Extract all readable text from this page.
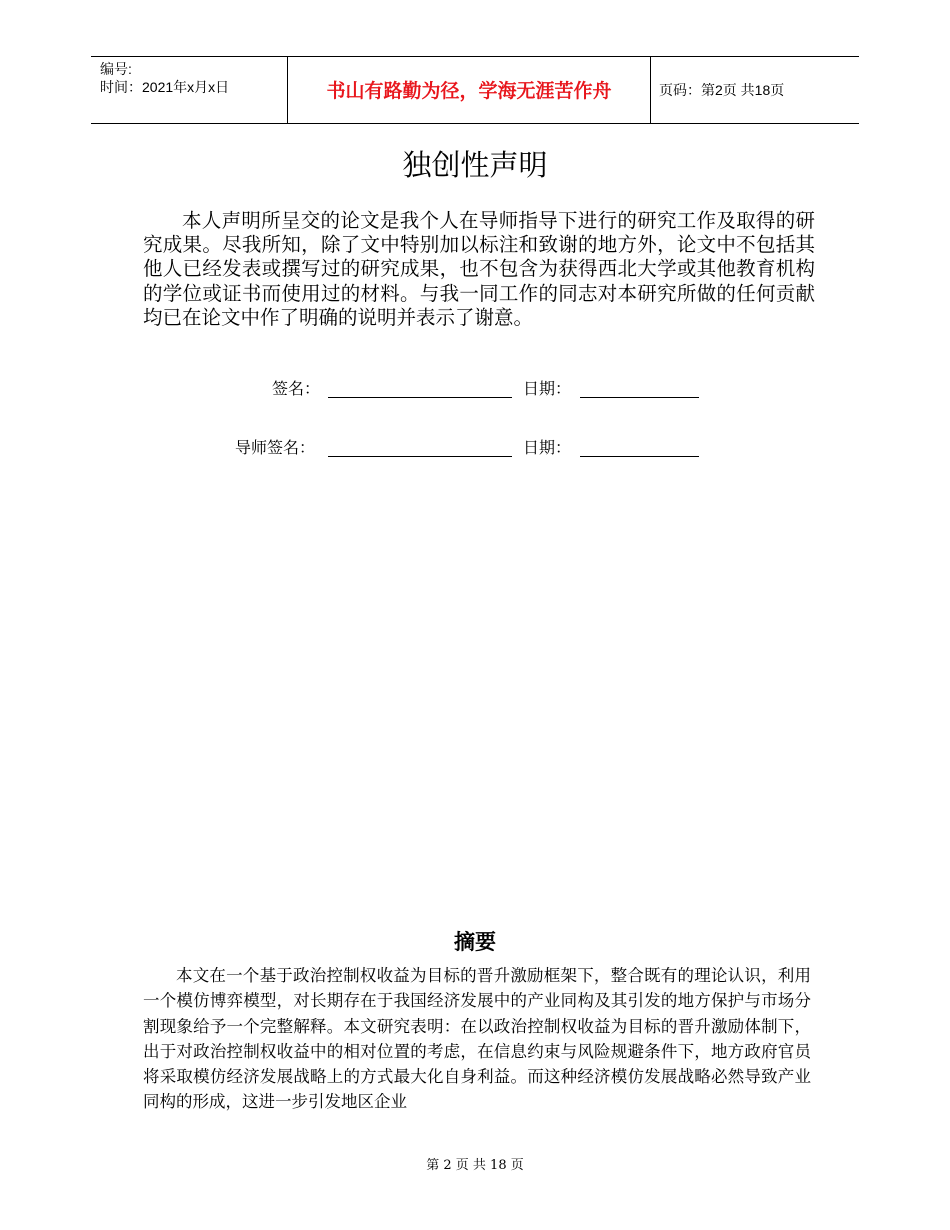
编号:
时间：2021年x月x日	书山有路勤为径，学海无涯苦作舟	页码：第2页 共18页
独创性声明

本人声明所呈交的论文是我个人在导师指导下进行的研究工作及取得的研究成果。尽我所知，除了文中特别加以标注和致谢的地方外，论文中不包括其他人已经发表或撰写过的研究成果，也不包含为获得西北大学或其他教育机构的学位或证书而使用过的材料。与我一同工作的同志对本研究所做的任何贡献均已在论文中作了明确的说明并表示了谢意。

签名：	日期：
导师签名：	日期：
摘要

本文在一个基于政治控制权收益为目标的晋升激励框架下，整合既有的理论认识，利用一个模仿博弈模型，对长期存在于我国经济发展中的产业同构及其引发的地方保护与市场分割现象给予一个完整解释。本文研究表明：在以政治控制权收益为目标的晋升激励体制下，出于对政治控制权收益中的相对位置的考虑，在信息约束与风险规避条件下，地方政府官员将采取模仿经济发展战略上的方式最大化自身利益。而这种经济模仿发展战略必然导致产业同构的形成，这进一步引发地区企业

第 2 页 共 18 页
